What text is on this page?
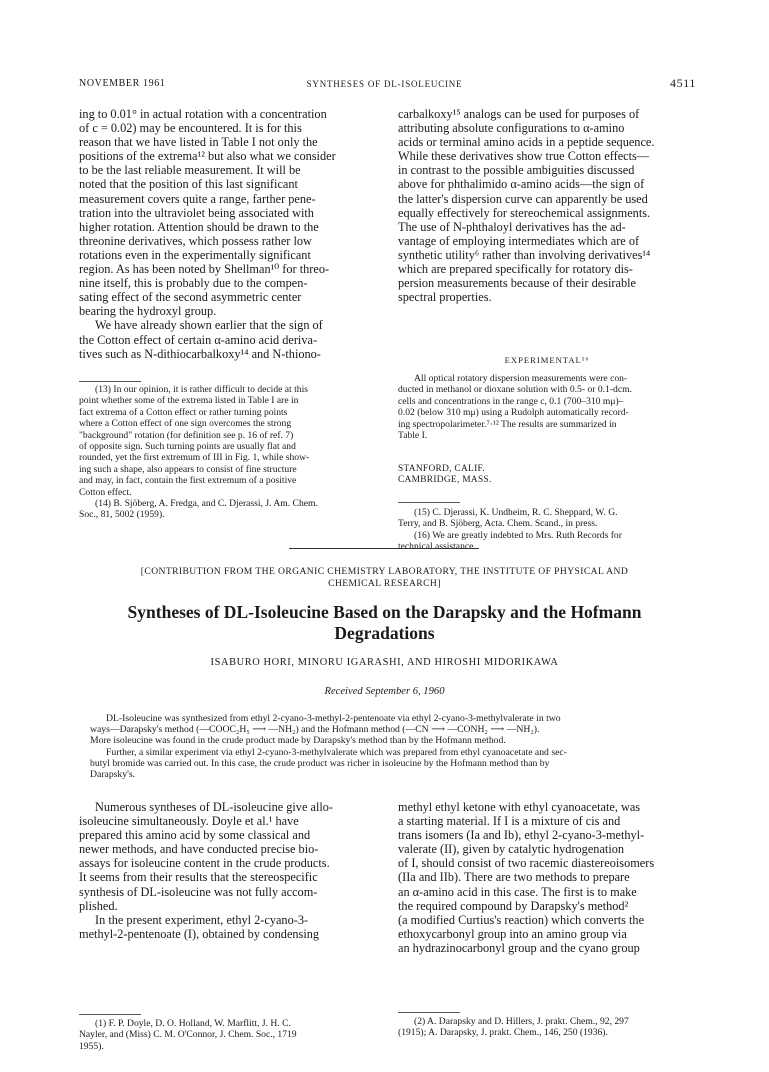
NOVEMBER 1961	SYNTHESES OF DL-ISOLEUCINE	4511
ing to 0.01° in actual rotation with a concentration
of c = 0.02) may be encountered. It is for this
reason that we have listed in Table I not only the
positions of the extrema¹² but also what we consider
to be the last reliable measurement. It will be
noted that the position of this last significant
measurement covers quite a range, farther pene-
tration into the ultraviolet being associated with
higher rotation. Attention should be drawn to the
threonine derivatives, which possess rather low
rotations even in the experimentally significant
region. As has been noted by Shellman¹⁰ for threo-
nine itself, this is probably due to the compen-
sating effect of the second asymmetric center
bearing the hydroxyl group.
We have already shown earlier that the sign of
the Cotton effect of certain α-amino acid deriva-
tives such as N-dithiocarbalkoxy¹⁴ and N-thiono-
(13) In our opinion, it is rather difficult to decide at this
point whether some of the extrema listed in Table I are in
fact extrema of a Cotton effect or rather turning points
where a Cotton effect of one sign overcomes the strong
"background" rotation (for definition see p. 16 of ref. 7)
of opposite sign. Such turning points are usually flat and
rounded, yet the first extremum of III in Fig. 1, while show-
ing such a shape, also appears to consist of fine structure
and may, in fact, contain the first extremum of a positive
Cotton effect.
(14) B. Sjöberg, A. Fredga, and C. Djerassi, J. Am. Chem.
Soc., 81, 5002 (1959).
carbalkoxy¹⁵ analogs can be used for purposes of
attributing absolute configurations to α-amino
acids or terminal amino acids in a peptide sequence.
While these derivatives show true Cotton effects—
in contrast to the possible ambiguities discussed
above for phthalimido α-amino acids—the sign of
the latter's dispersion curve can apparently be used
equally effectively for stereochemical assignments.
The use of N-phthaloyl derivatives has the ad-
vantage of employing intermediates which are of
synthetic utility⁶ rather than involving derivatives¹⁴
which are prepared specifically for rotatory dis-
persion measurements because of their desirable
spectral properties.
EXPERIMENTAL¹⁶
All optical rotatory dispersion measurements were con-
ducted in methanol or dioxane solution with 0.5- or 0.1-dcm.
cells and concentrations in the range c, 0.1 (700–310 mμ)–
0.02 (below 310 mμ) using a Rudolph automatically record-
ing spectropolarimeter.⁷·¹² The results are summarized in
Table I.
STANFORD, CALIF.
CAMBRIDGE, MASS.
(15) C. Djerassi, K. Undheim, R. C. Sheppard, W. G.
Terry, and B. Sjöberg, Acta. Chem. Scand., in press.
(16) We are greatly indebted to Mrs. Ruth Records for
technical assistance.
[CONTRIBUTION FROM THE ORGANIC CHEMISTRY LABORATORY, THE INSTITUTE OF PHYSICAL AND
CHEMICAL RESEARCH]
Syntheses of DL-Isoleucine Based on the Darapsky and the Hofmann
Degradations
ISABURO HORI, MINORU IGARASHI, AND HIROSHI MIDORIKAWA
Received September 6, 1960
DL-Isoleucine was synthesized from ethyl 2-cyano-3-methyl-2-pentenoate via ethyl 2-cyano-3-methylvalerate in two
ways—Darapsky's method (—COOC₂H₅ ⟶ —NH₂) and the Hofmann method (—CN ⟶ —CONH₂ ⟶ —NH₂).
More isoleucine was found in the crude product made by Darapsky's method than by the Hofmann method.
Further, a similar experiment via ethyl 2-cyano-3-methylvalerate which was prepared from ethyl cyanoacetate and sec-
butyl bromide was carried out. In this case, the crude product was richer in isoleucine by the Hofmann method than by
Darapsky's.
Numerous syntheses of DL-isoleucine give allo-
isoleucine simultaneously. Doyle et al.¹ have
prepared this amino acid by some classical and
newer methods, and have conducted precise bio-
assays for isoleucine content in the crude products.
It seems from their results that the stereospecific
synthesis of DL-isoleucine was not fully accom-
plished.
In the present experiment, ethyl 2-cyano-3-
methyl-2-pentenoate (I), obtained by condensing
methyl ethyl ketone with ethyl cyanoacetate, was
a starting material. If I is a mixture of cis and
trans isomers (Ia and Ib), ethyl 2-cyano-3-methyl-
valerate (II), given by catalytic hydrogenation
of I, should consist of two racemic diastereoisomers
(IIa and IIb). There are two methods to prepare
an α-amino acid in this case. The first is to make
the required compound by Darapsky's method²
(a modified Curtius's reaction) which converts the
ethoxycarbonyl group into an amino group via
an hydrazinocarbonyl group and the cyano group
(1) F. P. Doyle, D. O. Holland, W. Marflitt, J. H. C.
Nayler, and (Miss) C. M. O'Connor, J. Chem. Soc., 1719
1955).
(2) A. Darapsky and D. Hillers, J. prakt. Chem., 92, 297
(1915); A. Darapsky, J. prakt. Chem., 146, 250 (1936).
